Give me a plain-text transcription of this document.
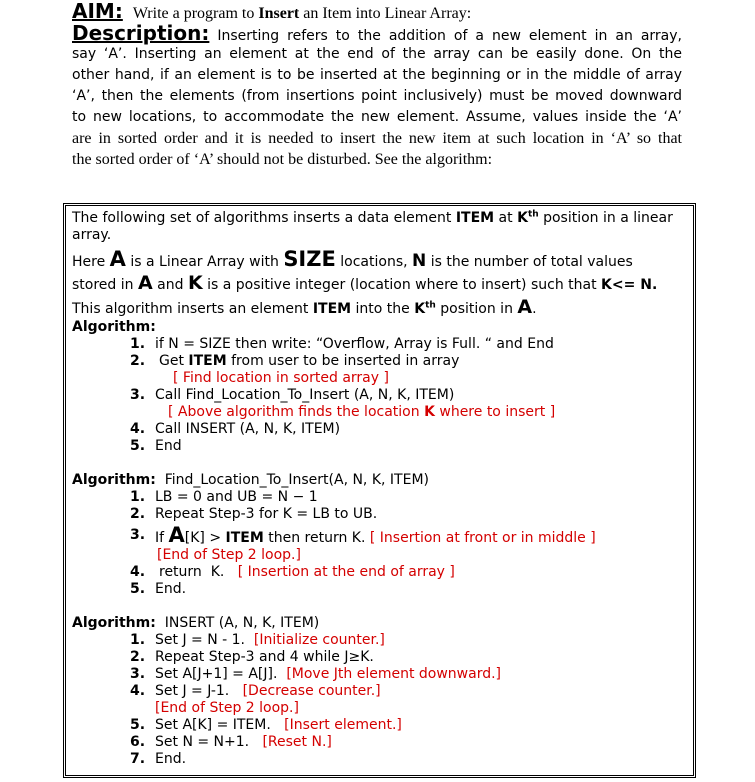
AIM: Write a program to Insert an Item into Linear Array:
Description: Inserting refers to the addition of a new element in an array,
say ‘A’. Inserting an element at the end of the array can be easily done. On the
other hand, if an element is to be inserted at the beginning or in the middle of array
‘A’, then the elements (from insertions point inclusively) must be moved downward
to new locations, to accommodate the new element. Assume, values inside the ‘A’
are in sorted order and it is needed to insert the new item at such location in ‘A’ so that
the sorted order of ‘A’ should not be disturbed. See the algorithm:
The following set of algorithms inserts a data element ITEM at $K^{th}$ position in a linear
array.
Here A is a Linear Array with SIZE locations, N is the number of total values
stored in A and K is a positive integer (location where to insert) such that K<= N.
This algorithm inserts an element ITEM into the $K^{th}$ position in A.
Algorithm:
1. if N = SIZE then write: “Overflow, Array is Full. “ and End
2. Get ITEM from user to be inserted in array
[ Find location in sorted array ]
3. Call Find_Location_To_Insert (A, N, K, ITEM)
[ Above algorithm finds the location K where to insert ]
4. Call INSERT (A, N, K, ITEM)
5. End
Algorithm: Find_Location_To_Insert(A, N, K, ITEM)
1. LB = 0 and UB = N − 1
2. Repeat Step-3 for K = LB to UB.
3. If A[K] > ITEM then return K. [ Insertion at front or in middle ]
[End of Step 2 loop.]
4. return  K.   [ Insertion at the end of array ]
5. End.
Algorithm: INSERT (A, N, K, ITEM)
1. Set J = N - 1.  [Initialize counter.]
2. Repeat Step-3 and 4 while J≥K.
3. Set A[J+1] = A[J].  [Move Jth element downward.]
4. Set J = J-1.   [Decrease counter.]
[End of Step 2 loop.]
5. Set A[K] = ITEM.   [Insert element.]
6. Set N = N+1.   [Reset N.]
7. End.
